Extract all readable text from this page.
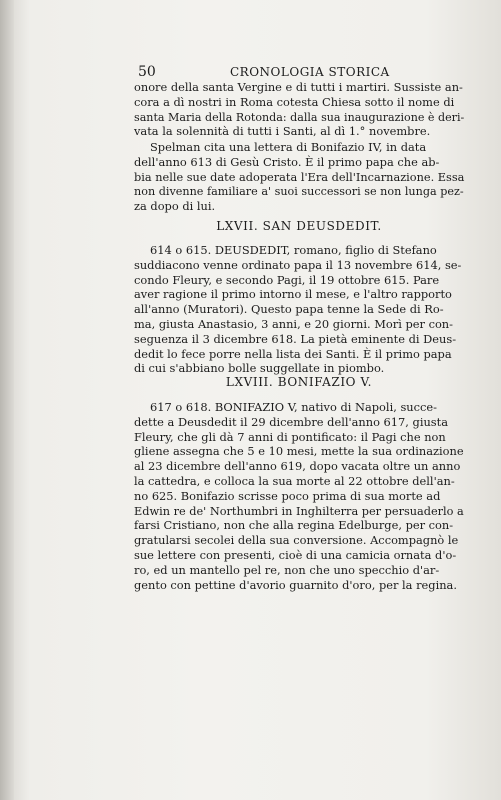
50	CRONOLOGIA STORICA
onore della santa Vergine e di tutti i martiri. Sussiste an-
cora a dì nostri in Roma cotesta Chiesa sotto il nome di
santa Maria della Rotonda: dalla sua inaugurazione è deri-
vata la solennità di tutti i Santi, al dì 1.° novembre.
Spelman cita una lettera di Bonifazio IV, in data
dell'anno 613 di Gesù Cristo. È il primo papa che ab-
bia nelle sue date adoperata l'Era dell'Incarnazione. Essa
non divenne familiare a' suoi successori se non lunga pez-
za dopo di lui.
LXVII. SAN DEUSDEDIT.
614 o 615. DEUSDEDIT, romano, figlio di Stefano
suddiacono venne ordinato papa il 13 novembre 614, se-
condo Fleury, e secondo Pagi, il 19 ottobre 615. Pare
aver ragione il primo intorno il mese, e l'altro rapporto
all'anno (Muratori). Questo papa tenne la Sede di Ro-
ma, giusta Anastasio, 3 anni, e 20 giorni. Morì per con-
seguenza il 3 dicembre 618. La pietà eminente di Deus-
dedit lo fece porre nella lista dei Santi. È il primo papa
di cui s'abbiano bolle suggellate in piombo.
LXVIII. BONIFAZIO V.
617 o 618. BONIFAZIO V, nativo di Napoli, succe-
dette a Deusdedit il 29 dicembre dell'anno 617, giusta
Fleury, che gli dà 7 anni di pontificato: il Pagi che non
gliene assegna che 5 e 10 mesi, mette la sua ordinazione
al 23 dicembre dell'anno 619, dopo vacata oltre un anno
la cattedra, e colloca la sua morte al 22 ottobre dell'an-
no 625. Bonifazio scrisse poco prima di sua morte ad
Edwin re de' Northumbri in Inghilterra per persuaderlo a
farsi Cristiano, non che alla regina Edelburge, per con-
gratularsi secolei della sua conversione. Accompagnò le
sue lettere con presenti, cioè di una camicia ornata d'o-
ro, ed un mantello pel re, non che uno specchio d'ar-
gento con pettine d'avorio guarnito d'oro, per la regina.
